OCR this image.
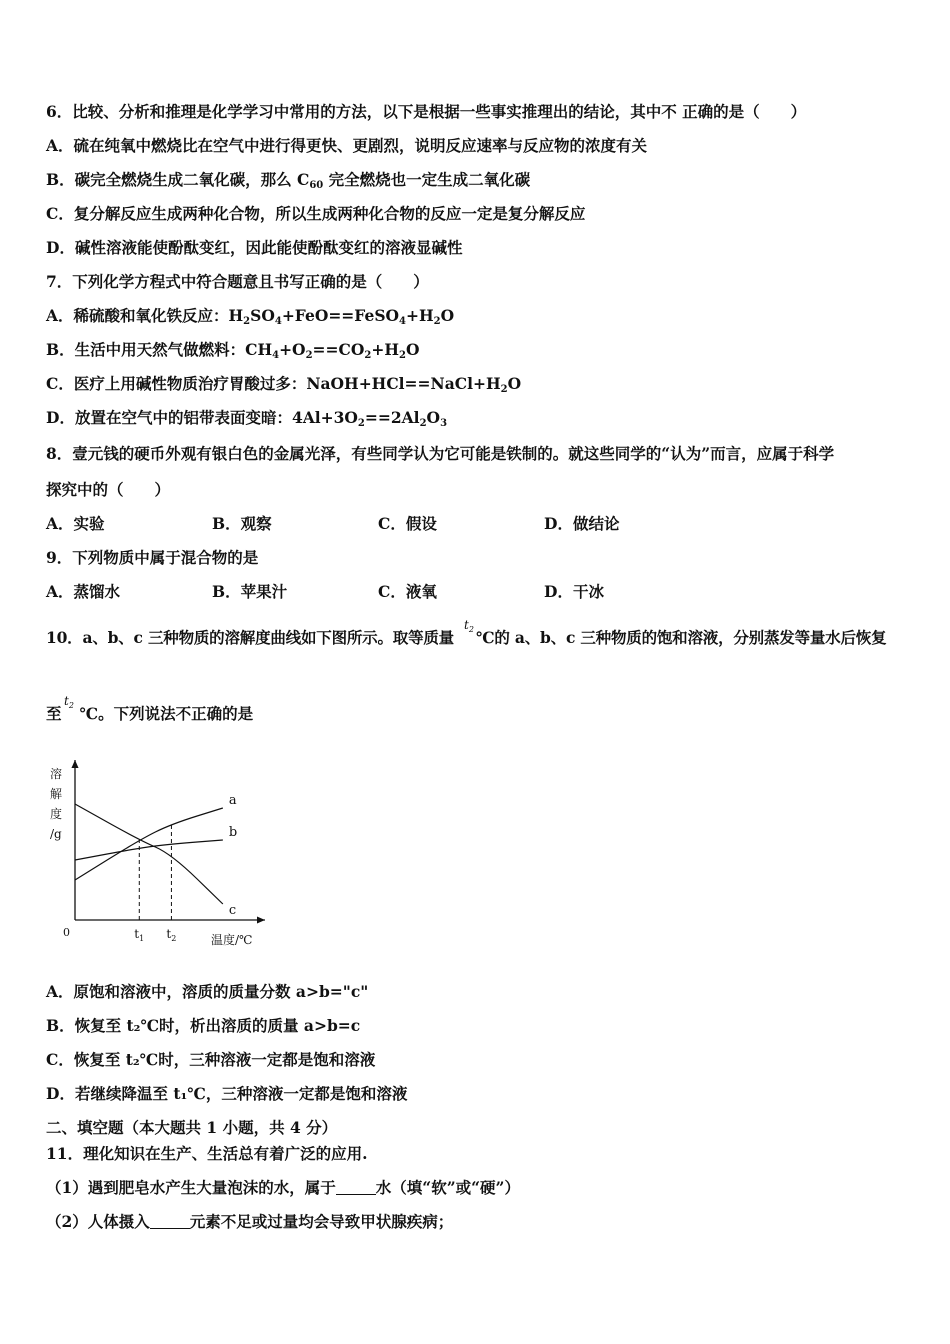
6．比较、分析和推理是化学学习中常用的方法，以下是根据一些事实推理出的结论，其中不 正确的是（　　）
A．硫在纯氧中燃烧比在空气中进行得更快、更剧烈，说明反应速率与反应物的浓度有关
B．碳完全燃烧生成二氧化碳，那么 $C_{60}$ 完全燃烧也一定生成二氧化碳
C．复分解反应生成两种化合物，所以生成两种化合物的反应一定是复分解反应
D．碱性溶液能使酚酞变红，因此能使酚酞变红的溶液显碱性
7．下列化学方程式中符合题意且书写正确的是（　　）
A．稀硫酸和氧化铁反应：$H_2SO_4+FeO==FeSO_4+H_2O$
B．生活中用天然气做燃料：$CH_4+O_2==CO_2+H_2O$
C．医疗上用碱性物质治疗胃酸过多：$NaOH+HCl==NaCl+H_2O$
D．放置在空气中的铝带表面变暗：$4Al+3O_2==2Al_2O_3$
8．壹元钱的硬币外观有银白色的金属光泽，有些同学认为它可能是铁制的。就这些同学的“认为”而言，应属于科学
探究中的（　　）
A．实验	B．观察	C．假设	D．做结论
9．下列物质中属于混合物的是
A．蒸馏水	B．苹果汁	C．液氧	D．干冰
10．a、b、c 三种物质的溶解度曲线如下图所示。取等质量 ℃的 a、b、c 三种物质的饱和溶液，分别蒸发等量水后恢复
$t_2$
至 ℃。下列说法不正确的是
$t_2$
a
b
c
溶
解
度
/g
0	$t_1$ $t_2$	温度/℃
A．原饱和溶液中，溶质的质量分数 a>b="c"
B．恢复至 t₂℃时，析出溶质的质量 a>b=c
C．恢复至 t₂℃时，三种溶液一定都是饱和溶液
D．若继续降温至 t₁℃，三种溶液一定都是饱和溶液
二、填空题（本大题共 1 小题，共 4 分）
11．理化知识在生产、生活总有着广泛的应用.
（1）遇到肥皂水产生大量泡沫的水，属于	水（填“软”或“硬”）
（2）人体摄入	元素不足或过量均会导致甲状腺疾病；
